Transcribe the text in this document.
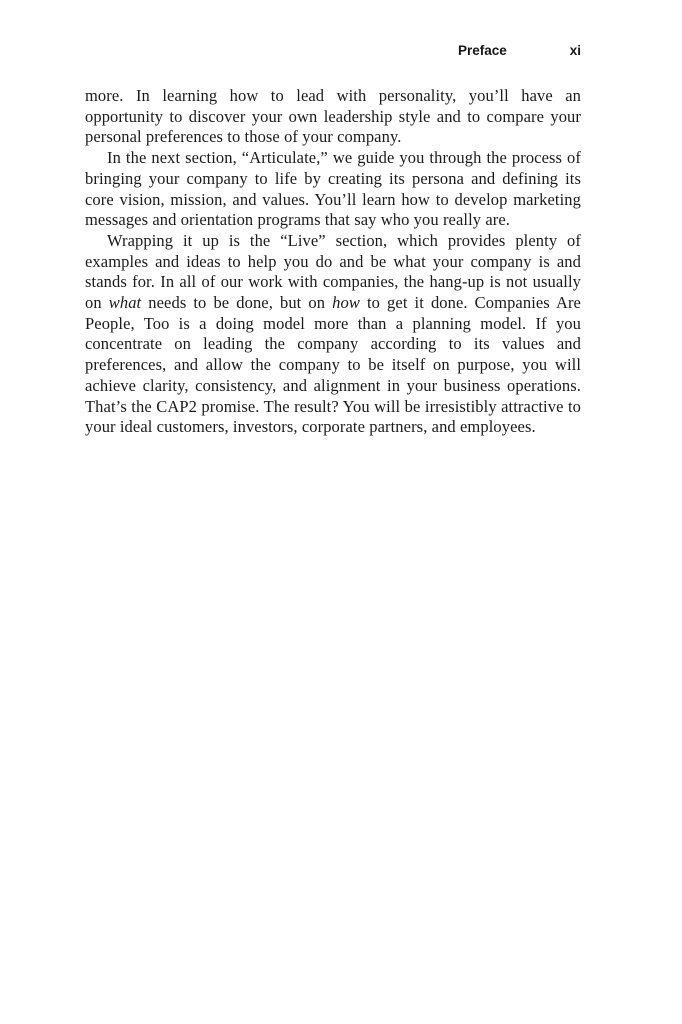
Preface	xi

more. In learning how to lead with personality, you’ll have an opportunity to discover your own leadership style and to compare your personal preferences to those of your company.

In the next section, “Articulate,” we guide you through the process of bringing your company to life by creating its persona and defining its core vision, mission, and values. You’ll learn how to develop marketing messages and orientation programs that say who you really are.

Wrapping it up is the “Live” section, which provides plenty of examples and ideas to help you do and be what your company is and stands for. In all of our work with companies, the hang-up is not usually on what needs to be done, but on how to get it done. Companies Are People, Too is a doing model more than a planning model. If you concentrate on leading the company according to its values and preferences, and allow the company to be itself on purpose, you will achieve clarity, consistency, and alignment in your business operations. That’s the CAP2 promise. The result? You will be irresistibly attractive to your ideal customers, investors, corporate partners, and employees.
